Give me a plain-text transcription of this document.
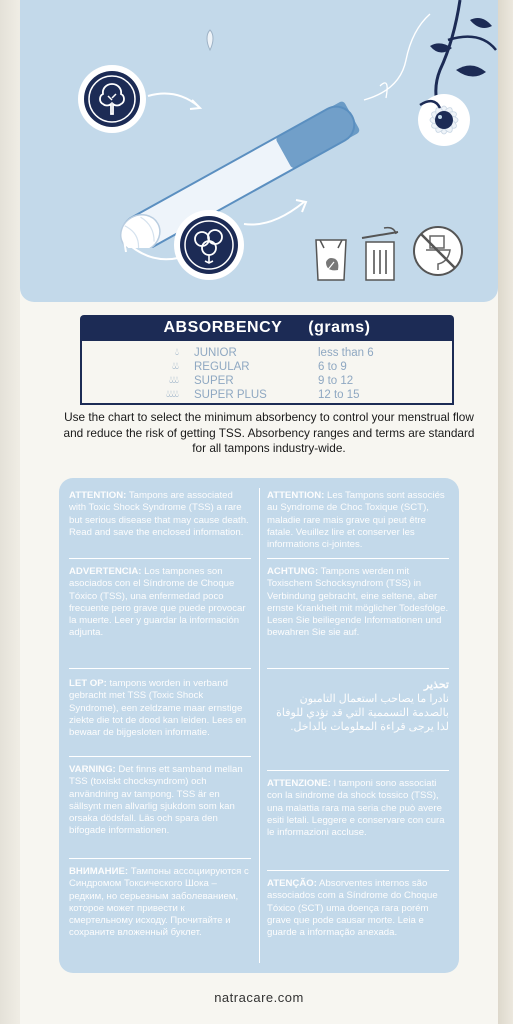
ABSORBENCY (grams)
💧︎ JUNIOR	less than 6
💧︎💧︎ REGULAR	6 to 9
💧︎💧︎💧︎ SUPER	9 to 12
💧︎💧︎💧︎💧︎ SUPER PLUS	12 to 15
Use the chart to select the minimum absorbency to control your menstrual flow and reduce the risk of getting TSS. Absorbency ranges and terms are standard for all tampons industry-wide.
ATTENTION: Tampons are associated with Toxic Shock Syndrome (TSS) a rare but serious disease that may cause death. Read and save the enclosed information.
ATTENTION: Les Tampons sont associés au Syndrome de Choc Toxique (SCT), maladie rare mais grave qui peut être fatale. Veuillez lire et conserver les informations ci-jointes.
ADVERTENCIA: Los tampones son asociados con el Síndrome de Choque Tóxico (TSS), una enfermedad poco frecuente pero grave que puede provocar la muerte. Leer y guardar la información adjunta.
ACHTUNG: Tampons werden mit Toxischem Schocksyndrom (TSS) in Verbindung gebracht, eine seltene, aber ernste Krankheit mit möglicher Todesfolge. Lesen Sie beiliegende Informationen und bewahren Sie sie auf.
LET OP: tampons worden in verband gebracht met TSS (Toxic Shock Syndrome), een zeldzame maar ernstige ziekte die tot de dood kan leiden. Lees en bewaar de bijgesloten informatie.
تحذير
نادرا ما يصاحب استعمال التامبون بالصدمة التسممية التي قد تؤدي للوفاة لذا يرجى قراءة المعلومات بالداخل.
VARNING: Det finns ett samband mellan TSS (toxiskt chocksyndrom) och användning av tampong. TSS är en sällsynt men allvarlig sjukdom som kan orsaka dödsfall. Läs och spara den bifogade informationen.
ATTENZIONE: I tamponi sono associati con la sindrome da shock tossico (TSS), una malattia rara ma seria che può avere esiti letali. Leggere e conservare con cura le informazioni accluse.
ВНИМАНИЕ: Тампоны ассоциируются с Синдромом Токсического Шока – редким, но серьезным заболеванием, которое может привести к смертельному исходу. Прочитайте и сохраните вложенный буклет.
ATENÇÃO: Absorventes internos são associados com a Síndrome do Choque Tóxico (SCT) uma doença rara porém grave que pode causar morte. Leia e guarde a informação anexada.
natracare.com
